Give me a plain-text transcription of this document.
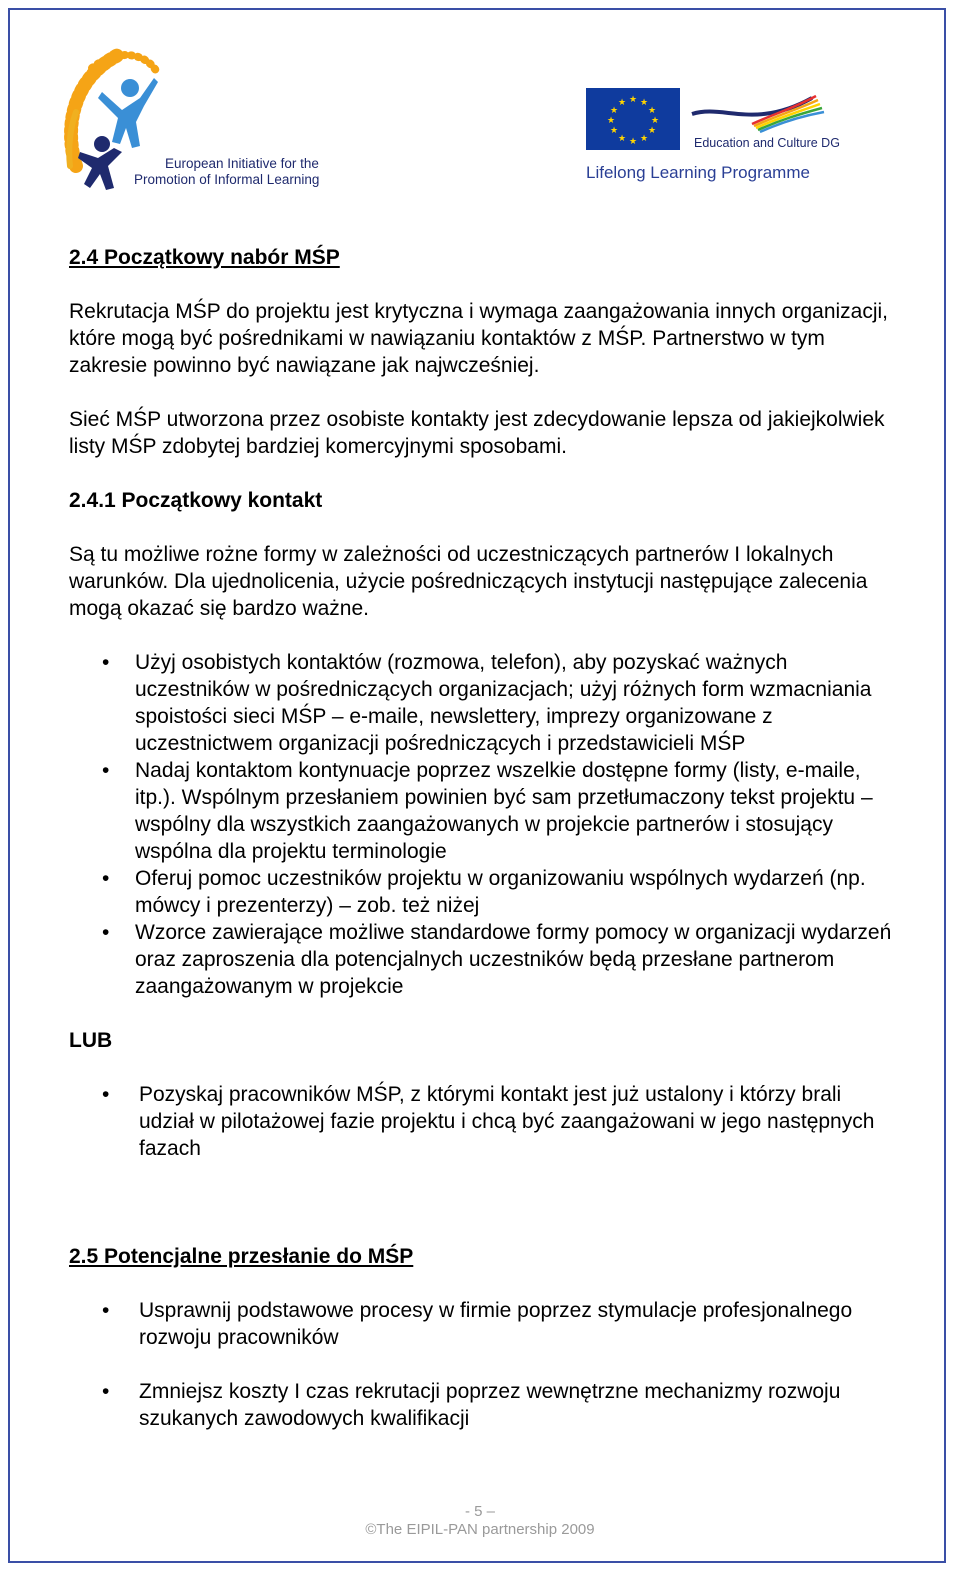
European Initiative for the
Promotion of Informal Learning
★ ★
★
★
★
★
★
★
★
★
★
★
Education and Culture DG
Lifelong Learning Programme
2.4 Początkowy nabór MŚP

Rekrutacja MŚP do projektu jest krytyczna i wymaga zaangażowania innych organizacji, które mogą być pośrednikami w nawiązaniu kontaktów z MŚP. Partnerstwo w tym zakresie powinno być nawiązane jak najwcześniej.

Sieć MŚP utworzona przez osobiste kontakty jest zdecydowanie lepsza od jakiejkolwiek listy MŚP zdobytej bardziej komercyjnymi sposobami.

2.4.1 Początkowy kontakt

Są tu możliwe rożne formy w zależności od uczestniczących partnerów I lokalnych warunków. Dla ujednolicenia, użycie pośredniczących instytucji następujące zalecenia mogą okazać się bardzo ważne.

• Użyj osobistych kontaktów (rozmowa, telefon), aby pozyskać ważnych uczestników w pośredniczących organizacjach; użyj różnych form wzmacniania spoistości sieci MŚP – e-maile, newslettery, imprezy organizowane z uczestnictwem organizacji pośredniczących i przedstawicieli MŚP
• Nadaj kontaktom kontynuacje poprzez wszelkie dostępne formy (listy, e-maile, itp.). Wspólnym przesłaniem powinien być sam przetłumaczony tekst projektu – wspólny dla wszystkich zaangażowanych w projekcie partnerów i stosujący wspólna dla projektu terminologie
• Oferuj pomoc uczestników projektu w organizowaniu wspólnych wydarzeń (np. mówcy i prezenterzy) – zob. też niżej
• Wzorce zawierające możliwe standardowe formy pomocy w organizacji wydarzeń oraz zaproszenia dla potencjalnych uczestników będą przesłane partnerom zaangażowanym w projekcie

LUB

• Pozyskaj pracowników MŚP, z którymi kontakt jest już ustalony i którzy brali udział w pilotażowej fazie projektu i chcą być zaangażowani w jego następnych fazach
2.5 Potencjalne przesłanie do MŚP
• Usprawnij podstawowe procesy w firmie poprzez stymulacje profesjonalnego rozwoju pracowników
• Zmniejsz koszty I czas rekrutacji poprzez wewnętrzne mechanizmy rozwoju szukanych zawodowych kwalifikacji
- 5 –
©The EIPIL-PAN partnership 2009
